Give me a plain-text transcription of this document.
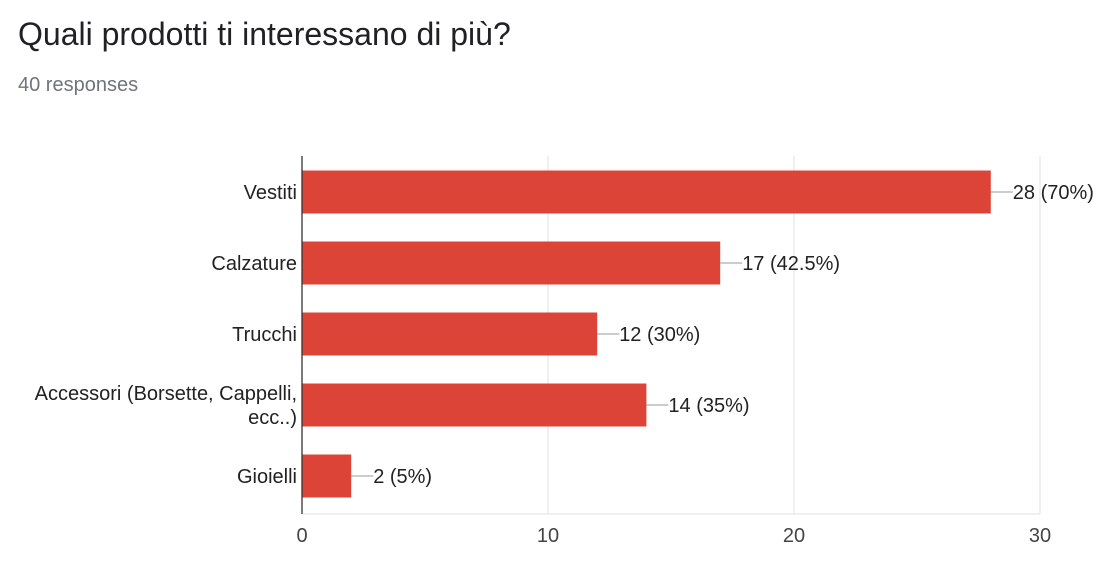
Quali prodotti ti interessano di più?
40 responses
0	10	20	30
28 (70%)
Vestiti
17 (42.5%)
Calzature
12 (30%)
Trucchi
14 (35%)
Accessori (Borsette, Cappelli, ecc..)
2 (5%)
Gioielli
